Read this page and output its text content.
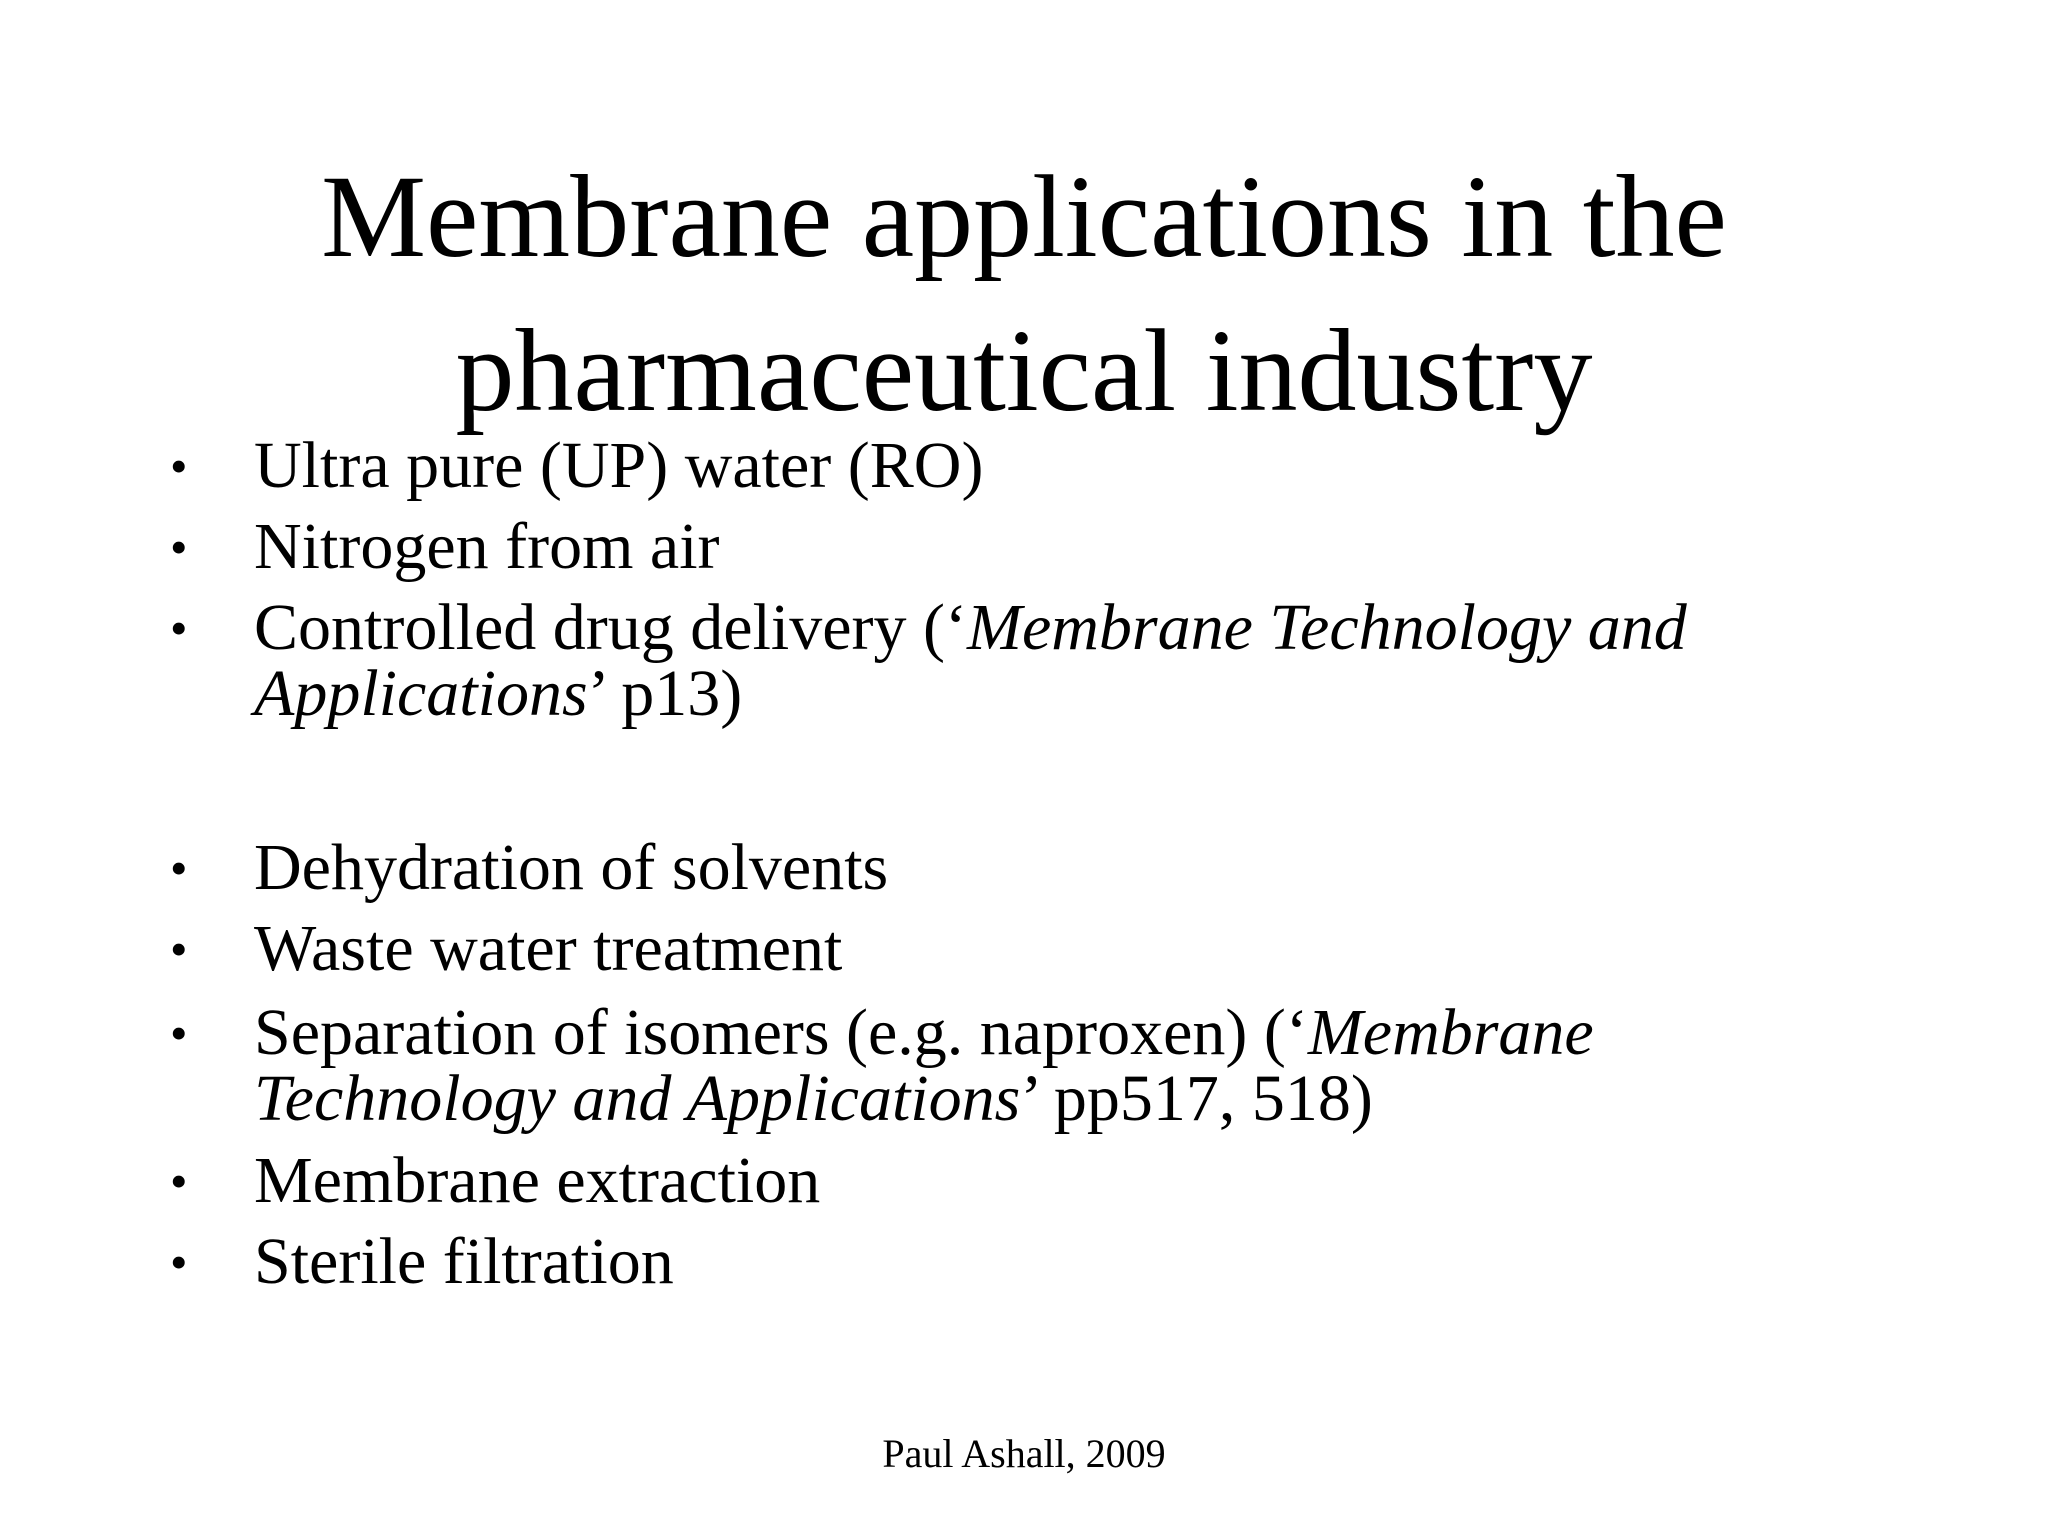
Membrane applications in the
pharmaceutical industry
•	Ultra pure (UP) water (RO)
•	Nitrogen from air
•	Controlled drug delivery (‘Membrane Technology and
Applications’ p13)
•	Dehydration of solvents
•	Waste water treatment
•	Separation of isomers (e.g. naproxen) (‘Membrane
Technology and Applications’ pp517, 518)
•	Membrane extraction
•	Sterile filtration
Paul Ashall, 2009
